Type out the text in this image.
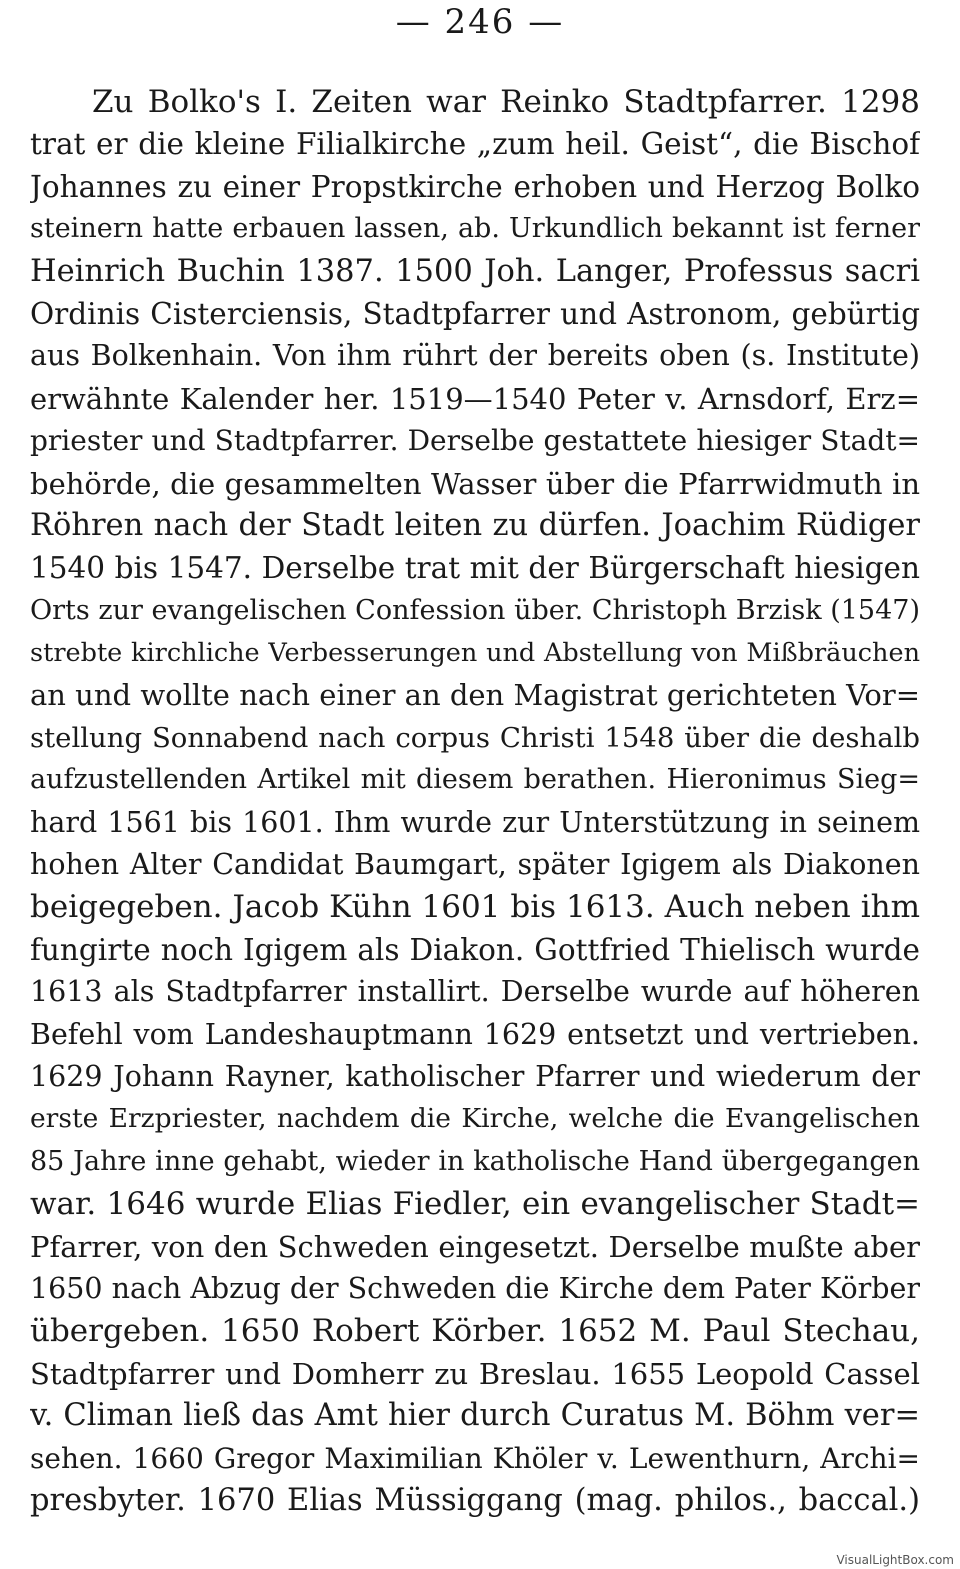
— 246 —
Zu Bolko's I. Zeiten war Reinko Stadtpfarrer. 1298
trat er die kleine Filialkirche „zum heil. Geist“, die Bischof
Johannes zu einer Propstkirche erhoben und Herzog Bolko
steinern hatte erbauen lassen, ab. Urkundlich bekannt ist ferner
Heinrich Buchin 1387. 1500 Joh. Langer, Professus sacri
Ordinis Cisterciensis, Stadtpfarrer und Astronom, gebürtig
aus Bolkenhain. Von ihm rührt der bereits oben (s. Institute)
erwähnte Kalender her. 1519—1540 Peter v. Arnsdorf, Erz=
priester und Stadtpfarrer. Derselbe gestattete hiesiger Stadt=
behörde, die gesammelten Wasser über die Pfarrwidmuth in
Röhren nach der Stadt leiten zu dürfen. Joachim Rüdiger
1540 bis 1547. Derselbe trat mit der Bürgerschaft hiesigen
Orts zur evangelischen Confession über. Christoph Brzisk (1547)
strebte kirchliche Verbesserungen und Abstellung von Mißbräuchen
an und wollte nach einer an den Magistrat gerichteten Vor=
stellung Sonnabend nach corpus Christi 1548 über die deshalb
aufzustellenden Artikel mit diesem berathen. Hieronimus Sieg=
hard 1561 bis 1601. Ihm wurde zur Unterstützung in seinem
hohen Alter Candidat Baumgart, später Igigem als Diakonen
beigegeben. Jacob Kühn 1601 bis 1613. Auch neben ihm
fungirte noch Igigem als Diakon. Gottfried Thielisch wurde
1613 als Stadtpfarrer installirt. Derselbe wurde auf höheren
Befehl vom Landeshauptmann 1629 entsetzt und vertrieben.
1629 Johann Rayner, katholischer Pfarrer und wiederum der
erste Erzpriester, nachdem die Kirche, welche die Evangelischen
85 Jahre inne gehabt, wieder in katholische Hand übergegangen
war. 1646 wurde Elias Fiedler, ein evangelischer Stadt=
Pfarrer, von den Schweden eingesetzt. Derselbe mußte aber
1650 nach Abzug der Schweden die Kirche dem Pater Körber
übergeben. 1650 Robert Körber. 1652 M. Paul Stechau,
Stadtpfarrer und Domherr zu Breslau. 1655 Leopold Cassel
v. Climan ließ das Amt hier durch Curatus M. Böhm ver=
sehen. 1660 Gregor Maximilian Khöler v. Lewenthurn, Archi=
presbyter. 1670 Elias Müssiggang (mag. philos., baccal.)
VisualLightBox.com
